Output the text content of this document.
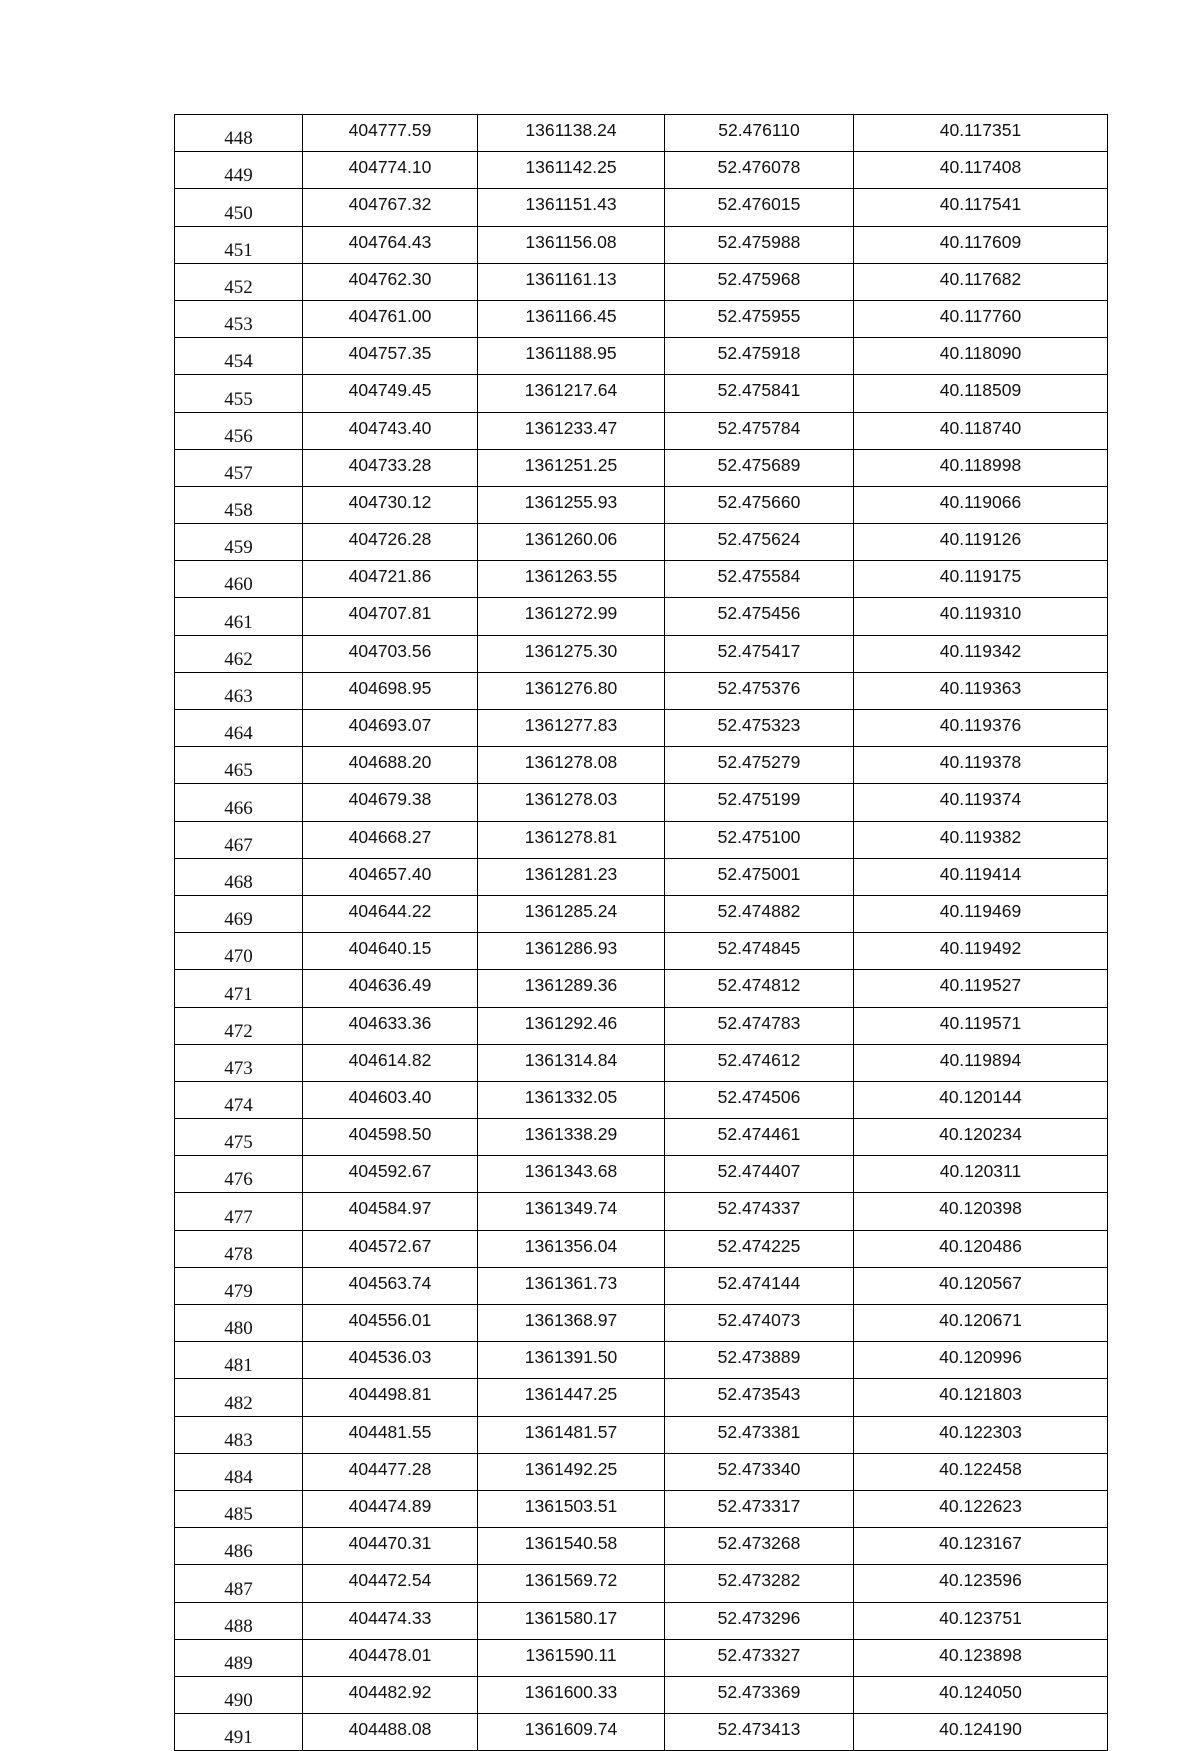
448	404777.59	1361138.24	52.476110	40.117351
449	404774.10	1361142.25	52.476078	40.117408
450	404767.32	1361151.43	52.476015	40.117541
451	404764.43	1361156.08	52.475988	40.117609
452	404762.30	1361161.13	52.475968	40.117682
453	404761.00	1361166.45	52.475955	40.117760
454	404757.35	1361188.95	52.475918	40.118090
455	404749.45	1361217.64	52.475841	40.118509
456	404743.40	1361233.47	52.475784	40.118740
457	404733.28	1361251.25	52.475689	40.118998
458	404730.12	1361255.93	52.475660	40.119066
459	404726.28	1361260.06	52.475624	40.119126
460	404721.86	1361263.55	52.475584	40.119175
461	404707.81	1361272.99	52.475456	40.119310
462	404703.56	1361275.30	52.475417	40.119342
463	404698.95	1361276.80	52.475376	40.119363
464	404693.07	1361277.83	52.475323	40.119376
465	404688.20	1361278.08	52.475279	40.119378
466	404679.38	1361278.03	52.475199	40.119374
467	404668.27	1361278.81	52.475100	40.119382
468	404657.40	1361281.23	52.475001	40.119414
469	404644.22	1361285.24	52.474882	40.119469
470	404640.15	1361286.93	52.474845	40.119492
471	404636.49	1361289.36	52.474812	40.119527
472	404633.36	1361292.46	52.474783	40.119571
473	404614.82	1361314.84	52.474612	40.119894
474	404603.40	1361332.05	52.474506	40.120144
475	404598.50	1361338.29	52.474461	40.120234
476	404592.67	1361343.68	52.474407	40.120311
477	404584.97	1361349.74	52.474337	40.120398
478	404572.67	1361356.04	52.474225	40.120486
479	404563.74	1361361.73	52.474144	40.120567
480	404556.01	1361368.97	52.474073	40.120671
481	404536.03	1361391.50	52.473889	40.120996
482	404498.81	1361447.25	52.473543	40.121803
483	404481.55	1361481.57	52.473381	40.122303
484	404477.28	1361492.25	52.473340	40.122458
485	404474.89	1361503.51	52.473317	40.122623
486	404470.31	1361540.58	52.473268	40.123167
487	404472.54	1361569.72	52.473282	40.123596
488	404474.33	1361580.17	52.473296	40.123751
489	404478.01	1361590.11	52.473327	40.123898
490	404482.92	1361600.33	52.473369	40.124050
491	404488.08	1361609.74	52.473413	40.124190
